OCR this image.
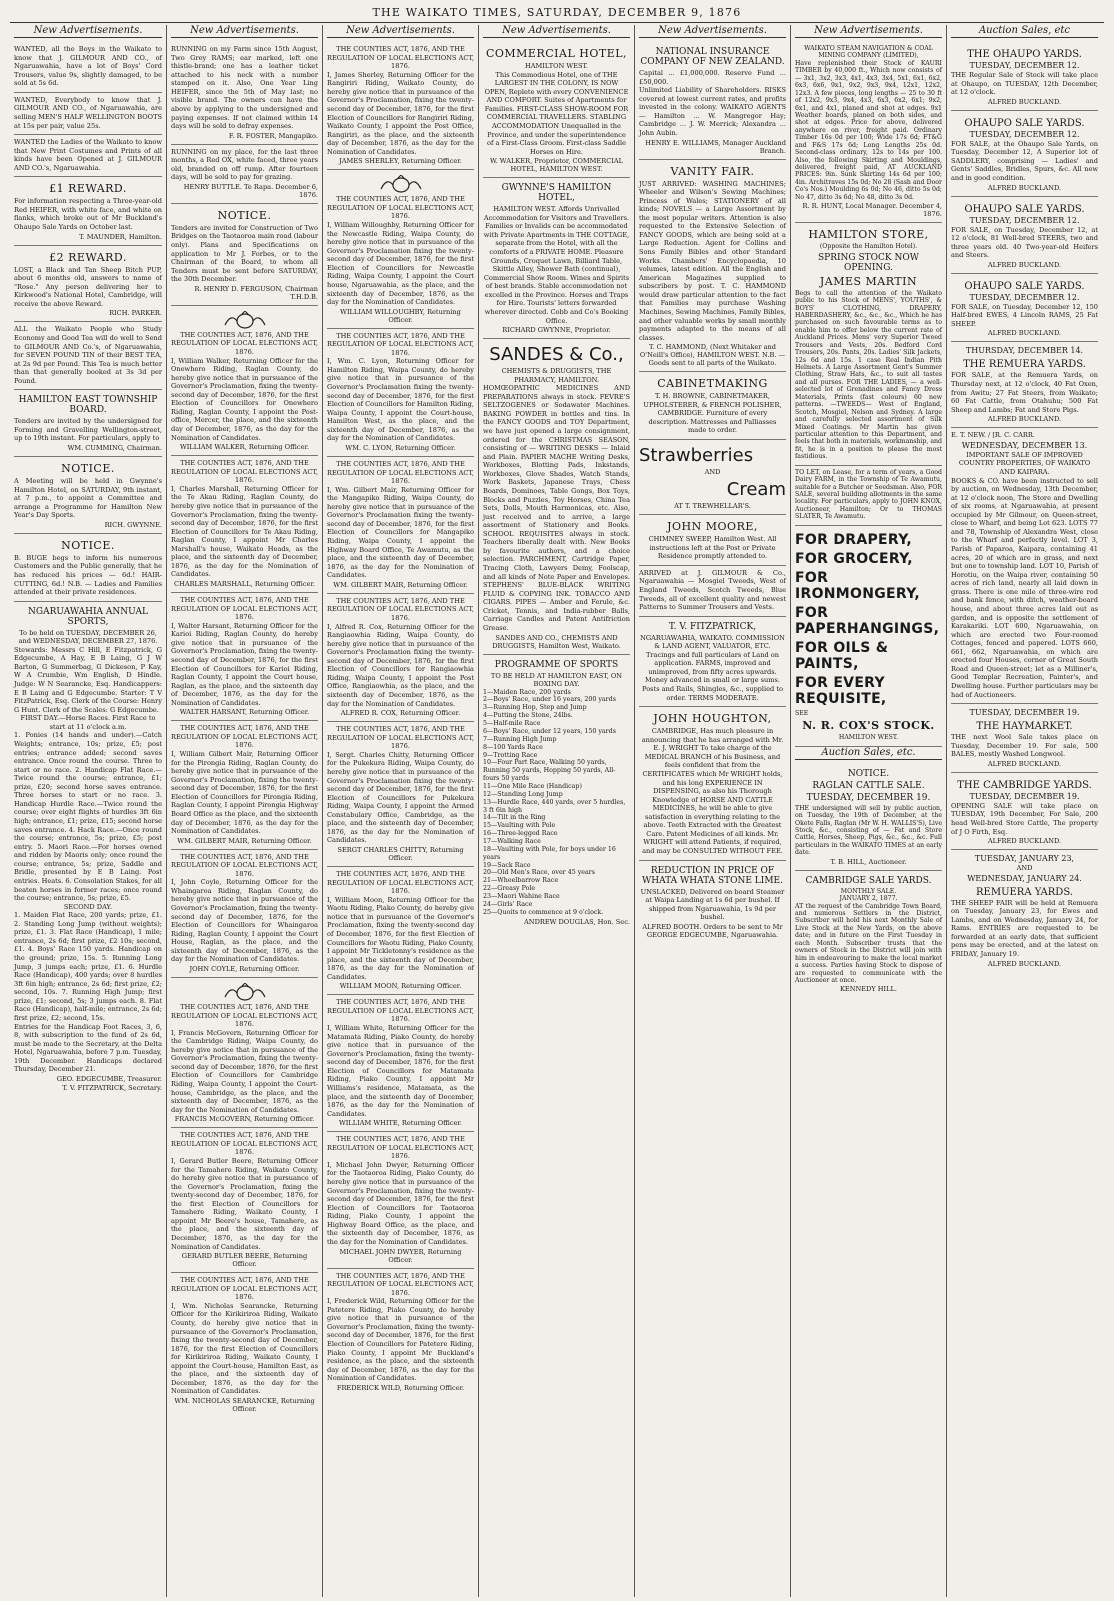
THE WAIKATO TIMES, SATURDAY, DECEMBER 9, 1876
New Advertisements.
WANTED, all the Boys in the Waikato to know that J. GILMOUR AND CO., of Ngaruawahia, have a lot of Boys' Cord Trousers, value 9s, slightly damaged, to be sold at 5s 6d.
WANTED, Everybody to know that J. GILMOUR AND CO., of Ngaruawahia, are selling MEN'S HALF WELLINGTON BOOTS at 15s per pair, value 25s.
WANTED the Ladies of the Waikato to know that New Print Costumes and Prints of all kinds have been Opened at J. GILMOUR AND CO.'s, Ngaruawahia.
£1 REWARD.
For information respecting a Three-year-old Red HEIFER, with white face, and white on flanks, which broke out of Mr Buckland's Ohaupo Sale Yards on October last.
T. MAUNDER, Hamilton.
£2 REWARD.
LOST, a Black and Tan Sheep Bitch PUP, about 6 months old, answers to name of "Rose." Any person delivering her to Kirkwood's National Hotel, Cambridge, will receive the above Reward.
RICH. PARKER.
ALL the Waikato People who Study Economy and Good Tea will do well to Send to GILMOUR AND Co.'s, of Ngaruawahia, for SEVEN POUND TIN of their BEST TEA, at 2s 9d per Pound. This Tea is much better than that generally booked at 3s 3d per Pound.
HAMILTON EAST TOWNSHIP BOARD.
Tenders are invited by the undersigned for Forming and Gravelling Wellington-street, up to 19th instant. For particulars, apply to
WM. CUMMING, Chairman.
NOTICE.
A Meeting will be held in Gwynne's Hamilton Hotel, on SATURDAY, 9th instant, at 7 p.m., to appoint a Committee and arrange a Programme for Hamilton New Year's Day Sports.
RICH. GWYNNE.
NOTICE.
B. BUGE begs to inform his numerous Customers and the Public generally, that he has reduced his prices — 6d.! HAIR-CUTTING, 6d.! N.B. — Ladies and Families attended at their private residences.
NGARUAWAHIA ANNUAL SPORTS,
To be held on TUESDAY, DECEMBER 26, and WEDNESDAY, DECEMBER 27, 1876.
Stewards: Messrs C Hill, E Fitzpatrick, G Edgecumbe, A Hay, E B Laing, G J W Barton, G Summerbag, G Dickeson, P Kay, W A Crumbie, Wm English, D Hindle. Judge: W N Searancke, Esq. Handicappers: E B Laing and G Edgecumbe. Starter: T V FitzPatrick, Esq. Clerk of the Course: Henry G Hunt. Clerk of the Scales: G Edgecumbe.
FIRST DAY.—Horse Races. First Race to start at 11 o'clock a.m.
1. Ponies (14 hands and under).—Catch Weights; entrance, 10s; prize, £5; post entries; entrance added; second saves entrance. Once round the course. Three to start or no race. 2. Handicap Flat Race.—Twice round the course; entrance, £1; prize, £20; second horse saves entrance. Three horses to start or no race. 3. Handicap Hurdle Race.—Twice round the course; over eight flights of hurdles 3ft 6in high; entrance, £1; prize, £15; second horse saves entrance. 4. Hack Race.—Once round the course; entrance, 5s; prize, £5; post entry. 5. Maori Race.—For horses owned and ridden by Maoris only; once round the course; entrance, 5s; prize, Saddle and Bridle, presented by E B Laing. Post entries. Heats. 6. Consolation Stakes, for all beaten horses in former races; once round the course; entrance, 5s; prize, £5.
SECOND DAY.
1. Maiden Flat Race, 200 yards; prize, £1. 2. Standing Long Jump (without weights); prize, £1. 3. Flat Race (Handicap), 1 mile; entrance, 2s 6d; first prize, £2 10s; second, £1. 4. Boys' Race 150 yards. Handicap on the ground; prize, 15s. 5. Running Long Jump, 3 jumps each; prize, £1. 6. Hurdle Race (Handicap), 400 yards; over 8 hurdles 3ft 6in high; entrance, 2s 6d; first prize, £2; second, 10s. 7. Running High Jump; first prize, £1; second, 5s; 3 jumps each. 8. Flat Race (Handicap), half-mile; entrance, 2s 6d; first prize, £2; second, 15s.
Entries for the Handicap Foot Races, 3, 6, 8, with subscription to the fund of 2s 6d, must be made to the Secretary, at the Delta Hotel, Ngaruawahia, before 7 p.m. Tuesday, 19th December. Handicaps declared Thursday, December 21.
GEO. EDGECUMBE, Treasurer.
T. V. FITZPATRICK, Secretary.
New Advertisements.
RUNNING on my Farm since 15th August, Two Grey RAMS; ear marked, left one thistle-brand; one has a leather ticket attached to his neck with a number stamped on it. Also, One Year Ling HEIFER, since the 5th of May last; no visible brand. The owners can have the above by applying to the undersigned and paying expenses. If not claimed within 14 days will be sold to defray expenses.
F. R. FOSTER, Mangapiko.
RUNNING on my place, for the last three months, a Red OX, white faced, three years old, branded on off rump. After fourteen days, will be sold to pay for grazing.
HENRY BUTTLE. Te Rapa. December 6, 1876.
NOTICE.
Tenders are invited for Construction of Two Bridges on the Taotaoroa main road (labour only). Plans and Specifications on application to Mr J. Forbes, or to the Chairman of the Board, to whom all Tenders must be sent before SATURDAY, the 30th December.
R. HENRY D. FERGUSON, Chairman T.H.D.B.
THE COUNTIES ACT, 1876, AND THE REGULATION OF LOCAL ELECTIONS ACT, 1876.
I, William Walker, Returning Officer for the Onewhero Riding, Raglan County, do hereby give notice that in pursuance of the Governor's Proclamation, fixing the twenty-second day of December, 1876, for the first Election of Councillors for Onewhero Riding, Raglan County, I appoint the Post-office, Mercer, the place, and the sixteenth day of December, 1876, as the day for the Nomination of Candidates.
WILLIAM WALKER, Returning Officer.
THE COUNTIES ACT, 1876, AND THE REGULATION OF LOCAL ELECTIONS ACT, 1876.
I, Charles Marshall, Returning Officer for the Te Akau Riding, Raglan County, do hereby give notice that in pursuance of the Governor's Proclamation, fixing the twenty-second day of December, 1876, for the first Election of Councillors for Te Akau Riding, Raglan County, I appoint Mr Charles Marshall's house, Waikato Heads, as the place, and the sixteenth day of December, 1876, as the day for the Nomination of Candidates.
CHARLES MARSHALL, Returning Officer.
THE COUNTIES ACT, 1876, AND THE REGULATION OF LOCAL ELECTIONS ACT, 1876.
I, Walter Harsant, Returning Officer for the Karioi Riding, Raglan County, do hereby give notice that in pursuance of the Governor's Proclamation, fixing the twenty-second day of December, 1876, for the first Election of Councillors for Karioi Riding, Raglan County, I appoint the Court house, Raglan, as the place, and the sixteenth day of December, 1876, as the day for the Nomination of Candidates.
WALTER HARSANT, Returning Officer.
THE COUNTIES ACT, 1876, AND THE REGULATION OF LOCAL ELECTIONS ACT, 1876.
I, William Gilbert Mair, Returning Officer for the Pirongia Riding, Raglan County, do hereby give notice that in pursuance of the Governor's Proclamation, fixing the twenty-second day of December, 1876, for the first Election of Councillors for Pirongia Riding, Raglan County, I appoint Pirongia Highway Board Office as the place, and the sixteenth day of December, 1876, as the day for the Nomination of Candidates.
WM. GILBERT MAIR, Returning Officer.
THE COUNTIES ACT, 1876, AND THE REGULATION OF LOCAL ELECTIONS ACT, 1876.
I, John Coyle, Returning Officer for the Whaingaroa Riding, Raglan County, do hereby give notice that in pursuance of the Governor's Proclamation, fixing the twenty-second day of December, 1876, for the Election of Councillors for Whaingaroa Riding, Raglan County, I appoint the Court House, Raglan, as the place, and the sixteenth day of December, 1876, as the day for the Nomination of Candidates.
JOHN COYLE, Returning Officer.
THE COUNTIES ACT, 1876, AND THE REGULATION OF LOCAL ELECTIONS ACT, 1876.
I, Francis McGovern, Returning Officer for the Cambridge Riding, Waipa County, do hereby give notice that in pursuance of the Governor's Proclamation, fixing the twenty-second day of December, 1876, for the first Election of Councillors for Cambridge Riding, Waipa County, I appoint the Court-house, Cambridge, as the place, and the sixteenth day of December, 1876, as the day for the Nomination of Candidates.
FRANCIS McGOVERN, Returning Officer.
THE COUNTIES ACT, 1876, AND THE REGULATION OF LOCAL ELECTIONS ACT, 1876.
I, Gerard Butler Beere, Returning Officer for the Tamahere Riding, Waikato County, do hereby give notice that in pursuance of the Governor's Proclamation, fixing the twenty-second day of December, 1876, for the first Election of Councillors for Tamahere Riding, Waikato County, I appoint Mr Beere's house, Tamahere, as the place, and the sixteenth day of December, 1876, as the day for the Nomination of Candidates.
GERARD BUTLER BEERE, Returning Officer.
THE COUNTIES ACT, 1876, AND THE REGULATION OF LOCAL ELECTIONS ACT, 1876.
I, Wm. Nicholas Searancke, Returning Officer for the Kirikiriroa Riding, Waikato County, do hereby give notice that in pursuance of the Governor's Proclamation, fixing the twenty-second day of December, 1876, for the first Election of Councillors for Kirikiriroa Riding, Waikato County, I appoint the Court-house, Hamilton East, as the place, and the sixteenth day of December, 1876, as the day for the Nomination of Candidates.
WM. NICHOLAS SEARANCKE, Returning Officer.
New Advertisements.
THE COUNTIES ACT, 1876, AND THE REGULATION OF LOCAL ELECTIONS ACT, 1876.
I, James Sherley, Returning Officer for the Rangiriri Riding, Waikato County, do hereby give notice that in pursuance of the Governor's Proclamation, fixing the twenty-second day of December, 1876, for the first Election of Councillors for Rangiriri Riding, Waikato County, I appoint the Post Office, Rangiriri, as the place, and the sixteenth day of December, 1876, as the day for the Nomination of Candidates.
JAMES SHERLEY, Returning Officer.
THE COUNTIES ACT, 1876, AND THE REGULATION OF LOCAL ELECTIONS ACT, 1876.
I, William Willoughby, Returning Officer for the Newcastle Riding, Waipa County, do hereby give notice that in pursuance of the Governor's Proclamation fixing the twenty-second day of December, 1876, for the first Election of Councillors for Newcastle Riding, Waipa County, I appoint the Court house, Ngaruawahia, as the place, and the sixteenth day of December, 1876, as the day for the Nomination of Candidates.
WILLIAM WILLOUGHBY, Returning Officer.
THE COUNTIES ACT, 1876, AND THE REGULATION OF LOCAL ELECTIONS ACT, 1876.
I, Wm. C. Lyon, Returning Officer for Hamilton Riding, Waipa County, do hereby give notice that in pursuance of the Governor's Proclamation fixing the twenty-second day of December, 1876, for the first Election of Councillors for Hamilton Riding, Waipa County, I appoint the Court-house, Hamilton West, as the place, and the sixteenth day of December, 1876, as the day for the Nomination of Candidates.
WM. C. LYON, Returning Officer.
THE COUNTIES ACT, 1876, AND THE REGULATION OF LOCAL ELECTIONS ACT, 1876.
I, Wm. Gilbert Mair, Returning Officer for the Mangapiko Riding, Waipa County, do hereby give notice that in pursuance of the Governor's Proclamation fixing the twenty-second day of December, 1876, for the first Election of Councillors for Mangapiko Riding, Waipa County, I appoint the Highway Board Office, Te Awamutu, as the place, and the sixteenth day of December, 1876, as the day for the Nomination of Candidates.
WM. GILBERT MAIR, Returning Officer.
THE COUNTIES ACT, 1876, AND THE REGULATION OF LOCAL ELECTIONS ACT, 1876.
I, Alfred R. Cox, Returning Officer for the Rangiaowhia Riding, Waipa County, do hereby give notice that in pursuance of the Governor's Proclamation fixing the twenty-second day of December, 1876, for the first Election of Councillors for Rangiaowhia Riding, Waipa County, I appoint the Post Office, Rangiaowhia, as the place, and the sixteenth day of December, 1876, as the day for the Nomination of Candidates.
ALFRED R. COX, Returning Officer.
THE COUNTIES ACT, 1876, AND THE REGULATION OF LOCAL ELECTIONS ACT, 1876.
I, Sergt. Charles Chitty, Returning Officer for the Pukekura Riding, Waipa County, do hereby give notice that in pursuance of the Governor's Proclamation fixing the twenty-second day of December, 1876, for the first Election of Councillors for Pukekura Riding, Waipa County, I appoint the Armed Constabulary Office, Cambridge, as the place, and the sixteenth day of December, 1876, as the day for the Nomination of Candidates.
SERGT CHARLES CHITTY, Returning Officer.
THE COUNTIES ACT, 1876, AND THE REGULATION OF LOCAL ELECTIONS ACT, 1876.
I, William Moon, Returning Officer for the Waotu Riding, Piako County, do hereby give notice that in pursuance of the Governor's Proclamation, fixing the twenty-second day of December, 1876, for the first Election of Councillors for Waotu Riding, Piako County, I appoint Mr Tickletonny's residence as the place, and the sixteenth day of December, 1876, as the day for the Nomination of Candidates.
WILLIAM MOON, Returning Officer.
THE COUNTIES ACT, 1876, AND THE REGULATION OF LOCAL ELECTIONS ACT, 1876.
I, William White, Returning Officer for the Matamata Riding, Piako County, do hereby give notice that in pursuance of the Governor's Proclamation, fixing the twenty-second day of December, 1876, for the first Election of Councillors for Matamata Riding, Piako County, I appoint Mr Williams's residence, Matamata, as the place, and the sixteenth day of December, 1876, as the day for the Nomination of Candidates.
WILLIAM WHITE, Returning Officer.
THE COUNTIES ACT, 1876, AND THE REGULATION OF LOCAL ELECTIONS ACT, 1876.
I, Michael John Dwyer, Returning Officer for the Taotaoroa Riding, Piako County, do hereby give notice that in pursuance of the Governor's Proclamation, fixing the twenty-second day of December, 1876, for the first Election of Councillors for Taotaoroa Riding, Piako County, I appoint the Highway Board Office, as the place, and the sixteenth day of December, 1876, as the day for the Nomination of Candidates.
MICHAEL JOHN DWYER, Returning Officer.
THE COUNTIES ACT, 1876, AND THE REGULATION OF LOCAL ELECTIONS ACT, 1876.
I, Frederick Wild, Returning Officer for the Patetere Riding, Piako County, do hereby give notice that in pursuance of the Governor's Proclamation, fixing the twenty-second day of December, 1876, for the first Election of Councillors for Patetere Riding, Piako County, I appoint Mr Buckland's residence, as the place, and the sixteenth day of December, 1876, as the day for the Nomination of Candidates.
FREDERICK WILD, Returning Officer.
New Advertisements.
COMMERCIAL HOTEL,
HAMILTON WEST.
This Commodious Hotel, one of THE LARGEST IN THE COLONY, IS NOW OPEN, Replete with every CONVENIENCE AND COMFORT. Suites of Apartments for Families. FIRST-CLASS SHOW-ROOM FOR COMMERCIAL TRAVELLERS. STABLING ACCOMMODATION Unequalled in the Province, and under the superintendence of a First-Class Groom. First-class Saddle Horses on Hire.
W. WALKER, Proprietor, COMMERCIAL HOTEL, HAMILTON WEST.
GWYNNE'S HAMILTON HOTEL,
HAMILTON WEST. Affords Unrivalled Accommodation for Visitors and Travellers. Families or Invalids can be accommodated with Private Apartments in THE COTTAGE, separate from the Hotel, with all the comforts of a PRIVATE HOME. Pleasure Grounds, Croquet Lawn, Billiard Table, Skittle Alley, Shower Bath (continual), Commercial Show Room. Wines and Spirits of best brands. Stable accommodation not excelled in the Province. Horses and Traps for Hire. Tourists' letters forwarded wherever directed. Cobb and Co's Booking Office.
RICHARD GWYNNE, Proprietor.
SANDES & Co.,
CHEMISTS & DRUGGISTS, THE PHARMACY, HAMILTON.
HOMŒOPATHIC MEDICINES AND PREPARATIONS always in stock. FEVRE'S SELTZOGENES or Sodawater Machines. BAKING POWDER in bottles and tins. In the FANCY GOODS and TOY Department, we have just opened a large consignment, ordered for the CHRISTMAS SEASON, consisting of — WRITING DESKS — Inlaid and Plain. PAPIER MACHE Writing Desks, Workboxes, Blotting Pads, Inkstands, Workboxes, Glove Shades, Watch Stands, Work Baskets, Japanese Trays, Chess Boards, Dominoes, Table Gongs, Box Toys, Blocks and Puzzles, Toy Horses, China Tea Sets, Dolls, Mouth Harmonicas, etc. Also, just received and to arrive, a large assortment of Stationery and Books. SCHOOL REQUISITES always in stock. Teachers liberally dealt with. New Books by favourite authors, and a choice selection. PARCHMENT, Cartridge Paper, Tracing Cloth, Lawyers Demy, Foolscap, and all kinds of Note Paper and Envelopes. STEPHENS' BLUE-BLACK WRITING FLUID & COPYING INK. TOBACCO AND CIGARS. PIPES — Amber and Ferule, &c. Cricket, Tennis, and India-rubber Balls, Carriage Candles and Patent Antifriction Grease.
SANDES AND CO., CHEMISTS AND DRUGGISTS, Hamilton West, Waikato.
PROGRAMME OF SPORTS
TO BE HELD AT HAMILTON EAST, ON BOXING DAY.
1—Maiden Race, 200 yards
2—Boys' Race, under 16 years, 200 yards
3—Running Hop, Step and Jump
4—Putting the Stone, 24lbs.
5—Half-mile Race
6—Boys' Race, under 12 years, 150 yards
7—Running High Jump
8—100 Yards Race
9—Trotting Race
10—Four Part Race, Walking 50 yards, Running 50 yards, Hopping 50 yards, All-fours 50 yards
11—One Mile Race (Handicap)
12—Standing Long Jump
13—Hurdle Race, 440 yards, over 5 hurdles, 3 ft 6in high
14—Tilt in the Ring
15—Vaulting with Pole
16—Three-legged Race
17—Walking Race
18—Vaulting with Pole, for boys under 16 years
19—Sack Race
20—Old Men's Race, over 45 years
21—Wheelbarrow Race
22—Greasy Pole
23—Maori Wahine Race
24—Girls' Race
25—Quoits to commence at 9 o'clock.
ANDREW DOUGLAS, Hon. Sec.
New Advertisements.
NATIONAL INSURANCE COMPANY OF NEW ZEALAND.
Capital ... £1,000,000. Reserve Fund ... £50,000.
Unlimited Liability of Shareholders. RISKS covered at lowest current rates, and profits invested in the colony. WAIKATO AGENTS — Hamilton ... W. Mangregor Hay; Cambridge ... J. W. Merrick; Alexandra ... John Aubin.
HENRY E. WILLIAMS, Manager Auckland Branch.
VANITY FAIR.
JUST ARRIVED: WASHING MACHINES; Wheeler and Wilson's Sewing Machines; Princess of Wales; STATIONERY of all kinds; NOVELS — a Large Assortment by the most popular writers. Attention is also requested to the Extensive Selection of FANCY GOODS, which are being sold at a Large Reduction. Agent for Collins and Sons Family Bibles and other Standard Works. Chambers' Encyclopaedia, 10 volumes, latest edition. All the English and American Magazines supplied to subscribers by post. T. C. HAMMOND would draw particular attention to the fact that Families may purchase Washing Machines, Sewing Machines, Family Bibles, and other valuable works by small monthly payments adapted to the means of all classes.
T. C. HAMMOND, (Next Whitaker and O'Neill's Office), HAMILTON WEST. N.B. — Goods sent to all parts of the Waikato.
CABINETMAKING
T. H. BROWNE, CABINETMAKER, UPHOLSTERER, & FRENCH POLISHER, CAMBRIDGE. Furniture of every description. Mattresses and Palliasses made to order.
Strawberries
AND
Cream
AT T. TREWHELLAR'S.
JOHN MOORE,
CHIMNEY SWEEP, Hamilton West. All instructions left at the Post or Private Residence promptly attended to.
ARRIVED at J. GILMOUR & Co., Ngaruawahia — Mosgiel Tweeds, West of England Tweeds, Scotch Tweeds, Blue Tweeds, all of excellent quality and newest Patterns to Summer Trousers and Vests.
T. V. FITZPATRICK,
NGARUAWAHIA, WAIKATO. COMMISSION & LAND AGENT, VALUATOR, ETC. Tracings and full particulars of Land on application. FARMS, improved and unimproved, from fifty acres upwards. Money advanced in small or large sums. Posts and Rails, Shingles, &c., supplied to order. TERMS MODERATE.
JOHN HOUGHTON,
CAMBRIDGE, Has much pleasure in announcing that he has arranged with Mr. E. J. WRIGHT To take charge of the MEDICAL BRANCH of his Business, and feels confident that from the CERTIFICATES which Mr WRIGHT holds, and his long EXPERIENCE IN DISPENSING, as also his Thorough Knowledge of HORSE AND CATTLE MEDICINES, he will be able to give satisfaction in everything relating to the above. Teeth Extracted with the Greatest Care. Patent Medicines of all kinds. Mr. WRIGHT will attend Patients, if required, and may be CONSULTED WITHOUT FEE.
REDUCTION IN PRICE OF WHATA WHATA STONE LIME.
UNSLACKED, Delivered on board Steamer at Waipa Landing at 1s 6d per bushel. If shipped from Ngaruawahia, 1s 9d per bushel.
ALFRED BOOTH. Orders to be sent to Mr GEORGE EDGECUMBE, Ngaruawahia.
New Advertisements.
WAIKATO STEAM NAVIGATION & COAL MINING COMPANY (LIMITED),
Have replenished their Stock of KAURI TIMBER by 40,000 ft., Which now consists of — 3x1, 3x2, 3x3, 4x1, 4x3, 3x4, 5x1, 6x1, 6x2, 6x3, 6x6, 9x1, 9x2, 9x3, 9x4, 12x1, 12x2, 12x3. A few pieces, long lengths — 25 to 30 ft of 12x2, 9x3, 9x4, 4x3, 6x3, 6x2, 6x1; 9x2, 6x1, and 4x1, planed and shot at edges. 9x1 Weather boards, planed on both sides, and shot at edges. Price for above, delivered anywhere on river, freight paid. Ordinary Timber 16s 0d per 100; Wide 17s 6d; FT&G and F&S 17s 6d; Long Lengths 25s 0d. Second-class ordinary, 12s to 14s per 100. Also, the following Skirting and Mouldings, delivered, freight paid, AT AUCKLAND PRICES: 9in. Sunk Skirting 14s 6d per 100; 4in. Architraves 15s 0d; No 28 (Sash and Door Co's Nos.) Moulding 6s 0d; No 46, ditto 5s 0d; No 47, ditto 3s 6d; No 48, ditto 3s 0d.
R. R. HUNT, Local Manager. December 4, 1876.
HAMILTON STORE,
(Opposite the Hamilton Hotel).
SPRING STOCK NOW OPENING.
JAMES MARTIN
Begs to call the attention of the Waikato public to his Stock of MENS', YOUTHS', & BOYS' CLOTHING, DRAPERY, HABERDASHERY, &c., &c., &c., Which he has purchased on such favourable terms as to enable him to offer below the current rate of Auckland Prices. Mens' very Superior Tweed Trousers and Vests, 20s. Bedford Cord Trousers, 20s. Pants, 20s. Ladies' Silk Jackets, 12s 6d and 15s. 1 case Real Indian Pith Helmets. A Large Assortment Gent's Summer Clothing, Straw Hats, &c., to suit all tastes and all purses. FOR THE LADIES, — a well-selected lot of Grenadines and Fancy Dress Materials, Prints (fast colours) 60 new patterns. —TWEEDS— West of England, Scotch, Mosgiel, Nelson and Sydney. A large and carefully selected assortment of Silk Mixed Coatings. Mr Martin has given particular attention to this Department, and feels that both in materials, workmanship, and fit, he is in a position to please the most fastidious.
TO LET, on Lease, for a term of years, a Good Dairy FARM, in the Township of Te Awamutu, suitable for a Butcher or Seedsman. Also, FOR SALE, several building allotments in the same locality. For particulars, apply to JOHN KNOX, Auctioneer, Hamilton; Or to THOMAS SLATER, Te Awamutu.
FOR DRAPERY,
FOR GROCERY,
FOR IRONMONGERY,
FOR PAPERHANGINGS,
FOR OILS & PAINTS,
FOR EVERY REQUISITE,
SEE
N. R. COX'S STOCK.
HAMILTON WEST.
Auction Sales, etc.
NOTICE.
RAGLAN CATTLE SALE.
TUESDAY, DECEMBER 19.
THE undersigned will sell by public auction, on Tuesday, the 19th of December, at the Okete Falls, Raglan (Mr W. H. WALLIS'S), Live Stock, &c., consisting of — Fat and Store Cattle, Horses, Sheep, Pigs, &c., &c., &c. Full particulars in the WAIKATO TIMES at an early date.
T. B. HILL, Auctioneer.
CAMBRIDGE SALE YARDS.
MONTHLY SALE.
JANUARY 2, 1877.
AT the request of the Cambridge Town Board, and numerous Settlers in the District, Subscriber will hold his next Monthly Sale of Live Stock at the New Yards, on the above date; and in future on the First Tuesday in each Month. Subscriber trusts that the owners of Stock in the District will join with him in endeavouring to make the local market a success. Parties having Stock to dispose of are requested to communicate with the Auctioneer at once.
KENNEDY HILL.
Auction Sales, etc
THE OHAUPO YARDS.
TUESDAY, DECEMBER 12.
THE Regular Sale of Stock will take place at Ohaupo, on TUESDAY, 12th December, at 12 o'clock.
ALFRED BUCKLAND.
OHAUPO SALE YARDS.
TUESDAY, DECEMBER 12.
FOR SALE, at the Ohaupo Sale Yards, on Tuesday, December 12, A Superior lot of SADDLERY, comprising — Ladies' and Gents' Saddles, Bridles, Spurs, &c. All new and in good condition.
ALFRED BUCKLAND.
OHAUPO SALE YARDS.
TUESDAY, DECEMBER 12.
FOR SALE, on Tuesday, December 12, at 12 o'clock, 81 Well-bred STEERS, two and three years old. 40 Two-year-old Heifers and Steers.
ALFRED BUCKLAND.
OHAUPO SALE YARDS.
TUESDAY, DECEMBER 12.
FOR SALE, on Tuesday, December 12, 150 Half-bred EWES, 4 Lincoln RAMS, 25 Fat SHEEP.
ALFRED BUCKLAND.
THURSDAY, DECEMBER 14.
THE REMUERA YARDS.
FOR SALE, at the Remuera Yards, on Thursday next, at 12 o'clock, 40 Fat Oxen, from Awitu; 27 Fat Steers, from Waikato; 60 Fat Cattle, from Otahuhu; 500 Fat Sheep and Lambs; Fat and Store Pigs.
ALFRED BUCKLAND.
E. T. NEW. / [R. C. CARR.
WEDNESDAY, DECEMBER 13.
IMPORTANT SALE OF IMPROVED COUNTRY PROPERTIES, OF WAIKATO AND KAIPARA.
BOOKS & CO. have been instructed to sell by auction, on Wednesday, 13th December, at 12 o'clock noon, The Store and Dwelling of six rooms, at Ngaruawahia, at present occupied by Mr Gilmour, on Queen-street, close to Wharf, and being Lot 623. LOTS 77 and 78, Township of Alexandra West, close to the Wharf and perfectly level. LOT 3, Parish of Paparoa, Kaipara, containing 41 acres, 20 of which are in grass, and next but one to township land. LOT 10, Parish of Horotiu, on the Waipa river, containing 50 acres of rich land, nearly all laid down in grass. There is one mile of three-wire rod and bank fence, with ditch, weather-board house, and about three acres laid out as garden, and is opposite the settlement of Karakariki. LOT 600, Ngaruawahia, on which are erected two Four-roomed Cottages, fenced and papered. LOTS 660, 661, 662, Ngaruawahia, on which are erected four Houses, corner of Great South Road and Queen-street; let as a Milliner's, Good Templar Recreation, Painter's, and Dwelling house. Further particulars may be had of Auctioneers.
TUESDAY, DECEMBER 19.
THE HAYMARKET.
THE next Wool Sale takes place on Tuesday, December 19. For sale, 500 BALES, mostly Washed Longwool.
ALFRED BUCKLAND.
THE CAMBRIDGE YARDS.
TUESDAY, DECEMBER 19.
OPENING SALE will take place on TUESDAY, 19th December, For Sale, 200 head Well-bred Store Cattle, The property of J O Firth, Esq.
ALFRED BUCKLAND.
TUESDAY, JANUARY 23,
AND
WEDNESDAY, JANUARY 24.
REMUERA YARDS.
THE SHEEP FAIR will be held at Remuera on Tuesday, January 23, for Ewes and Lambs, and on Wednesday, January 24, for Rams. ENTRIES are requested to be forwarded at an early date, that sufficient pens may be erected, and at the latest on FRIDAY, January 19.
ALFRED BUCKLAND.
